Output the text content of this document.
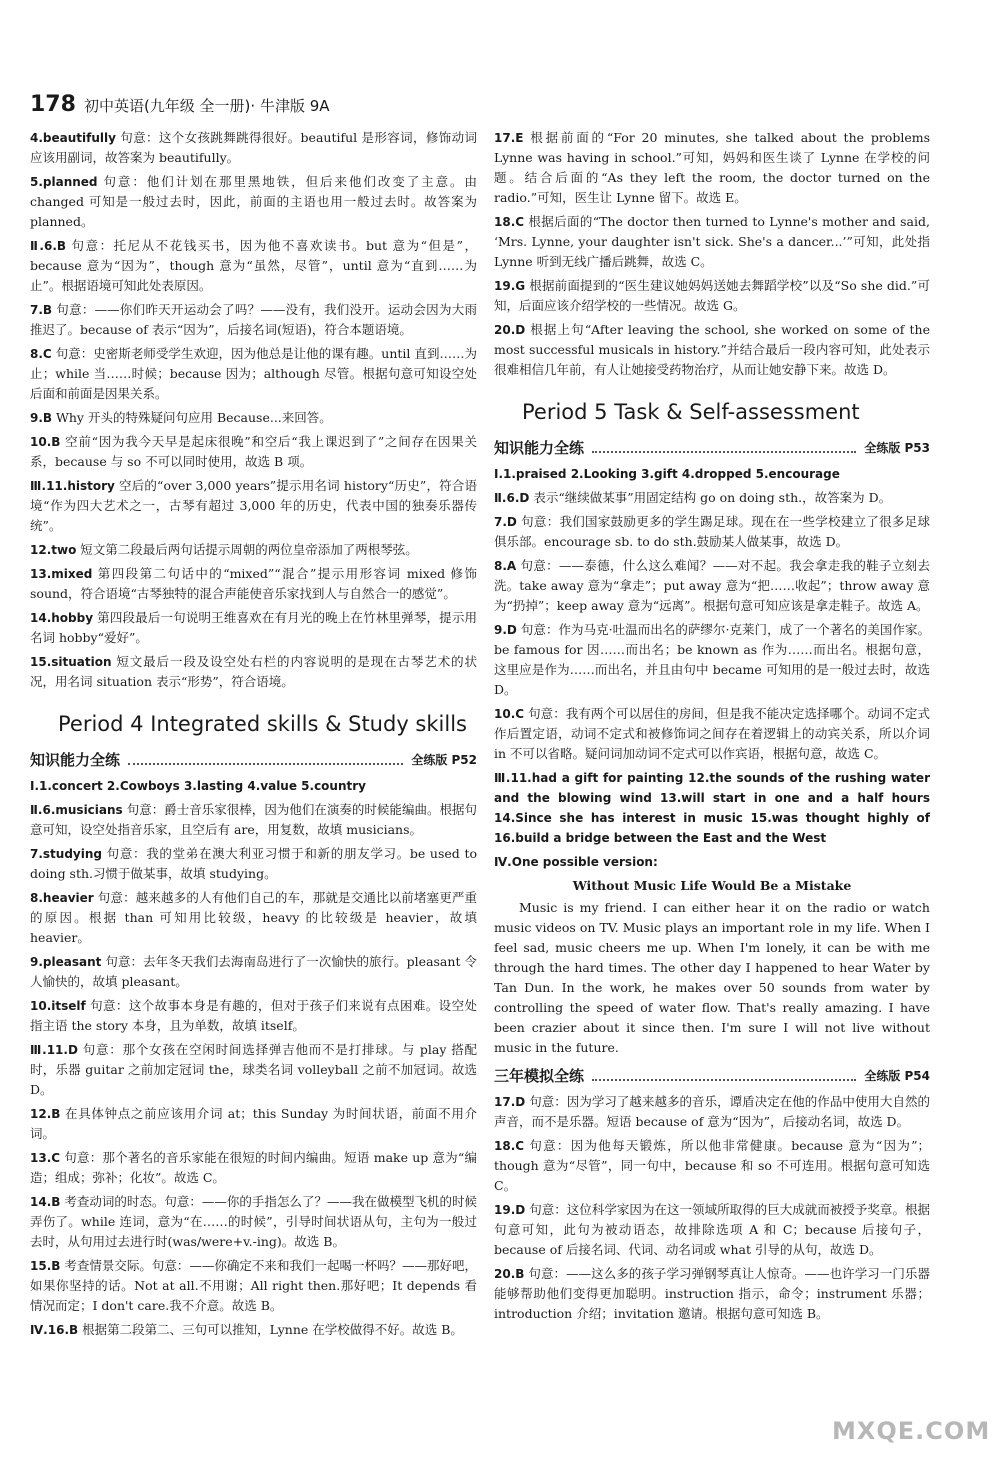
178 初中英语(九年级 全一册)· 牛津版 9A
4.beautifully 句意：这个女孩跳舞跳得很好。beautiful 是形容词，修饰动词应该用副词，故答案为 beautifully。
5.planned 句意：他们计划在那里黑地铁，但后来他们改变了主意。由 changed 可知是一般过去时，因此，前面的主语也用一般过去时。故答案为 planned。
Ⅱ.6.B 句意：托尼从不花钱买书，因为他不喜欢读书。but 意为“但是”，because 意为“因为”，though 意为“虽然，尽管”，until 意为“直到……为止”。根据语境可知此处表原因。
7.B 句意：——你们昨天开运动会了吗？——没有，我们没开。运动会因为大雨推迟了。because of 表示“因为”，后接名词(短语)，符合本题语境。
8.C 句意：史密斯老师受学生欢迎，因为他总是让他的课有趣。until 直到……为止；while 当……时候；because 因为；although 尽管。根据句意可知设空处后面和前面是因果关系。
9.B Why 开头的特殊疑问句应用 Because...来回答。
10.B 空前“因为我今天早是起床很晚”和空后“我上课迟到了”之间存在因果关系，because 与 so 不可以同时使用，故选 B 项。
Ⅲ.11.history 空后的“over 3,000 years”提示用名词 history“历史”，符合语境“作为四大艺术之一，古琴有超过 3,000 年的历史，代表中国的独奏乐器传统”。
12.two 短文第二段最后两句话提示周朝的两位皇帝添加了两根琴弦。
13.mixed 第四段第二句话中的“mixed”“混合”提示用形容词 mixed 修饰 sound，符合语境“古琴独特的混合声能使音乐家找到人与自然合一的感觉”。
14.hobby 第四段最后一句说明王维喜欢在有月光的晚上在竹林里弹琴，提示用名词 hobby“爱好”。
15.situation 短文最后一段及设空处右栏的内容说明的是现在古琴艺术的状况，用名词 situation 表示“形势”，符合语境。
Period 4 Integrated skills & Study skills
知识能力全练	全练版 P52
Ⅰ.1.concert 2.Cowboys 3.lasting 4.value 5.country
Ⅱ.6.musicians 句意：爵士音乐家很棒，因为他们在演奏的时候能编曲。根据句意可知，设空处指音乐家，且空后有 are，用复数，故填 musicians。
7.studying 句意：我的堂弟在澳大利亚习惯于和新的朋友学习。be used to doing sth.习惯于做某事，故填 studying。
8.heavier 句意：越来越多的人有他们自己的车，那就是交通比以前堵塞更严重的原因。根据 than 可知用比较级，heavy 的比较级是 heavier，故填 heavier。
9.pleasant 句意：去年冬天我们去海南岛进行了一次愉快的旅行。pleasant 令人愉快的，故填 pleasant。
10.itself 句意：这个故事本身是有趣的，但对于孩子们来说有点困难。设空处指主语 the story 本身，且为单数，故填 itself。
Ⅲ.11.D 句意：那个女孩在空闲时间选择弹吉他而不是打排球。与 play 搭配时，乐器 guitar 之前加定冠词 the，球类名词 volleyball 之前不加冠词。故选 D。
12.B 在具体钟点之前应该用介词 at；this Sunday 为时间状语，前面不用介词。
13.C 句意：那个著名的音乐家能在很短的时间内编曲。短语 make up 意为“编造；组成；弥补；化妆”。故选 C。
14.B 考查动词的时态。句意：——你的手指怎么了？——我在做模型飞机的时候弄伤了。while 连词，意为“在……的时候”，引导时间状语从句，主句为一般过去时，从句用过去进行时(was/were+v.-ing)。故选 B。
15.B 考查情景交际。句意：——你确定不来和我们一起喝一杯吗？——那好吧，如果你坚持的话。Not at all.不用谢；All right then.那好吧；It depends 看情况而定；I don't care.我不介意。故选 B。
Ⅳ.16.B 根据第二段第二、三句可以推知，Lynne 在学校做得不好。故选 B。
17.E 根据前面的“For 20 minutes, she talked about the problems Lynne was having in school.”可知，妈妈和医生谈了 Lynne 在学校的问题。结合后面的“As they left the room, the doctor turned on the radio.”可知，医生让 Lynne 留下。故选 E。
18.C 根据后面的“The doctor then turned to Lynne's mother and said, ‘Mrs. Lynne, your daughter isn't sick. She's a dancer...’”可知，此处指 Lynne 听到无线广播后跳舞，故选 C。
19.G 根据前面提到的“医生建议她妈妈送她去舞蹈学校”以及“So she did.”可知，后面应该介绍学校的一些情况。故选 G。
20.D 根据上句“After leaving the school, she worked on some of the most successful musicals in history.”并结合最后一段内容可知，此处表示很难相信几年前，有人让她接受药物治疗，从而让她安静下来。故选 D。
Period 5 Task & Self-assessment
知识能力全练	全练版 P53
Ⅰ.1.praised 2.Looking 3.gift 4.dropped 5.encourage
Ⅱ.6.D 表示“继续做某事”用固定结构 go on doing sth.，故答案为 D。
7.D 句意：我们国家鼓励更多的学生踢足球。现在在一些学校建立了很多足球俱乐部。encourage sb. to do sth.鼓励某人做某事，故选 D。
8.A 句意：——泰德，什么这么难闻？——对不起。我会拿走我的鞋子立刻去洗。take away 意为“拿走”；put away 意为“把……收起”；throw away 意为“扔掉”；keep away 意为“远离”。根据句意可知应该是拿走鞋子。故选 A。
9.D 句意：作为马克·吐温而出名的萨缪尔·克莱门，成了一个著名的美国作家。be famous for 因……而出名；be known as 作为……而出名。根据句意，这里应是作为……而出名，并且由句中 became 可知用的是一般过去时，故选 D。
10.C 句意：我有两个可以居住的房间，但是我不能决定选择哪个。动词不定式作后置定语，动词不定式和被修饰词之间存在着逻辑上的动宾关系，所以介词 in 不可以省略。疑问词加动词不定式可以作宾语，根据句意，故选 C。
Ⅲ.11.had a gift for painting 12.the sounds of the rushing water and the blowing wind 13.will start in one and a half hours 14.Since she has interest in music 15.was thought highly of 16.build a bridge between the East and the West
Ⅳ.One possible version:
Without Music Life Would Be a Mistake
Music is my friend. I can either hear it on the radio or watch music videos on TV. Music plays an important role in my life. When I feel sad, music cheers me up. When I'm lonely, it can be with me through the hard times. The other day I happened to hear Water by Tan Dun. In the work, he makes over 50 sounds from water by controlling the speed of water flow. That's really amazing. I have been crazier about it since then. I'm sure I will not live without music in the future.
三年模拟全练	全练版 P54
17.D 句意：因为学习了越来越多的音乐，谭盾决定在他的作品中使用大自然的声音，而不是乐器。短语 because of 意为“因为”，后接动名词，故选 D。
18.C 句意：因为他每天锻炼，所以他非常健康。because 意为“因为”；though 意为“尽管”，同一句中，because 和 so 不可连用。根据句意可知选 C。
19.D 句意：这位科学家因为在这一领域所取得的巨大成就而被授予奖章。根据句意可知，此句为被动语态，故排除选项 A 和 C；because 后接句子，because of 后接名词、代词、动名词或 what 引导的从句，故选 D。
20.B 句意：——这么多的孩子学习弹钢琴真让人惊奇。——也许学习一门乐器能够帮助他们变得更加聪明。instruction 指示，命令；instrument 乐器；introduction 介绍；invitation 邀请。根据句意可知选 B。
MXQE.COM
